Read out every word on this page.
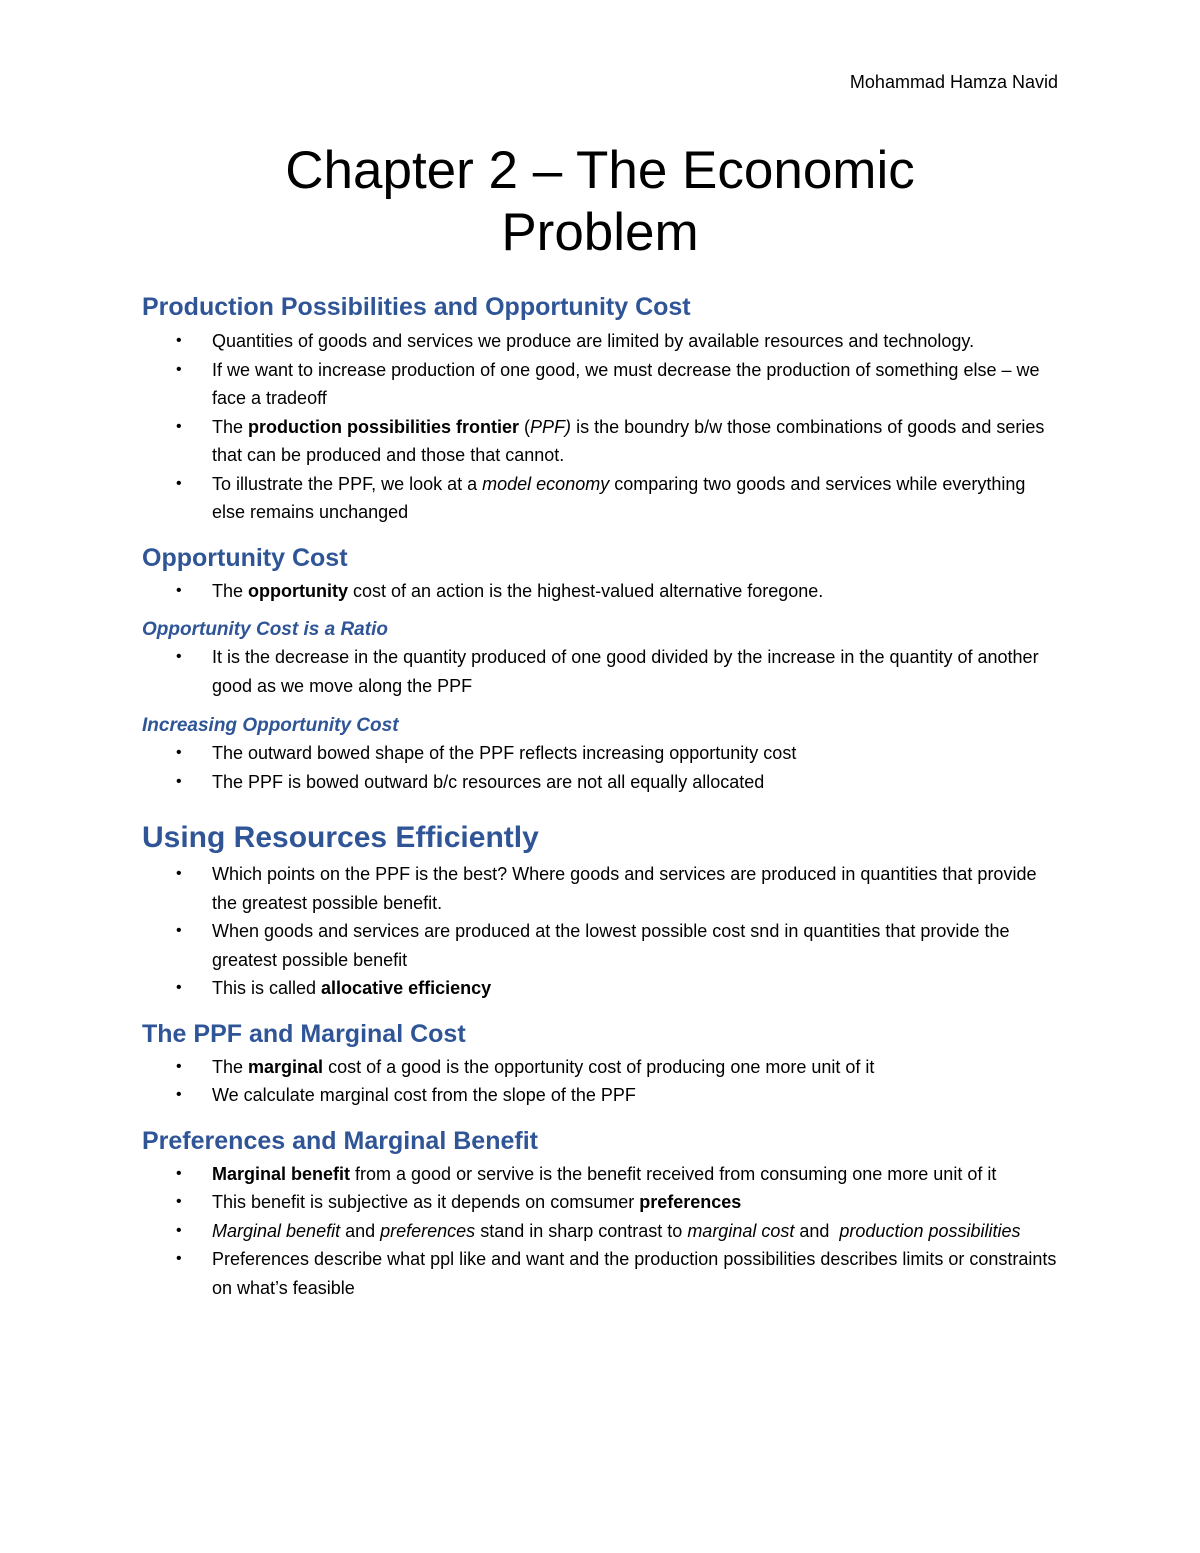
Mohammad Hamza Navid
Chapter 2 – The Economic
Problem
Production Possibilities and Opportunity Cost
• Quantities of goods and services we produce are limited by available resources and technology.
• If we want to increase production of one good, we must decrease the production of something else – we face a tradeoff
• The production possibilities frontier (PPF) is the boundry b/w those combinations of goods and series that can be produced and those that cannot.
• To illustrate the PPF, we look at a model economy comparing two goods and services while everything else remains unchanged
Opportunity Cost
• The opportunity cost of an action is the highest-valued alternative foregone.
Opportunity Cost is a Ratio
• It is the decrease in the quantity produced of one good divided by the increase in the quantity of another good as we move along the PPF
Increasing Opportunity Cost
• The outward bowed shape of the PPF reflects increasing opportunity cost
• The PPF is bowed outward b/c resources are not all equally allocated
Using Resources Efficiently
• Which points on the PPF is the best? Where goods and services are produced in quantities that provide the greatest possible benefit.
• When goods and services are produced at the lowest possible cost snd in quantities that provide the greatest possible benefit
• This is called allocative efficiency
The PPF and Marginal Cost
• The marginal cost of a good is the opportunity cost of producing one more unit of it
• We calculate marginal cost from the slope of the PPF
Preferences and Marginal Benefit
• Marginal benefit from a good or servive is the benefit received from consuming one more unit of it
• This benefit is subjective as it depends on comsumer preferences
• Marginal benefit and preferences stand in sharp contrast to marginal cost and  production possibilities
• Preferences describe what ppl like and want and the production possibilities describes limits or constraints on what’s feasible
